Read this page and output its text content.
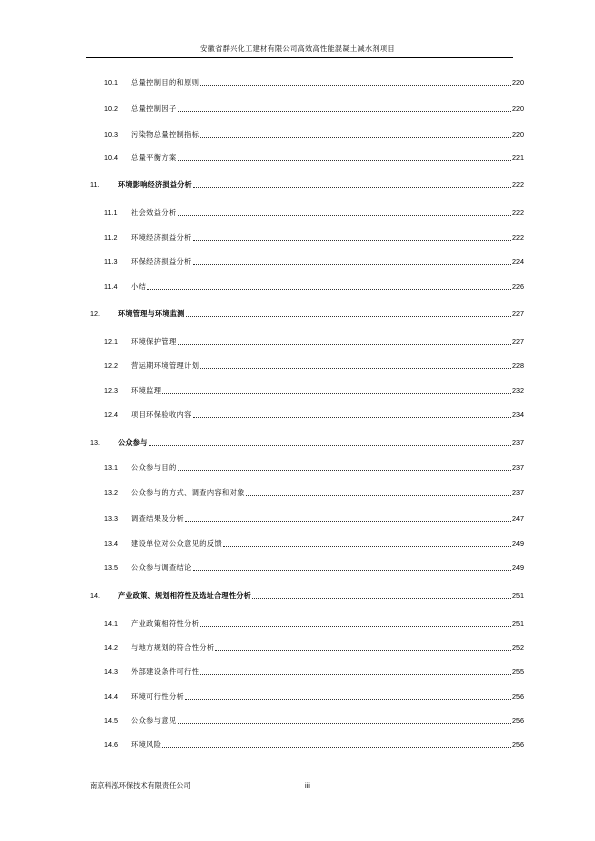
安徽省群兴化工建材有限公司高效高性能混凝土减水剂项目
10.1	总量控制目的和原则	220
10.2	总量控制因子	220
10.3	污染物总量控制指标	220
10.4	总量平衡方案	221
11.	环境影响经济损益分析	222
11.1	社会效益分析	222
11.2	环境经济损益分析	222
11.3	环保经济损益分析	224
11.4	小结	226
12.	环境管理与环境监测	227
12.1	环境保护管理	227
12.2	营运期环境管理计划	228
12.3	环境监理	232
12.4	项目环保验收内容	234
13.	公众参与	237
13.1	公众参与目的	237
13.2	公众参与的方式、调查内容和对象	237
13.3	调查结果及分析	247
13.4	建设单位对公众意见的反馈	249
13.5	公众参与调查结论	249
14.	产业政策、规划相符性及选址合理性分析	251
14.1	产业政策相符性分析	251
14.2	与地方规划的符合性分析	252
14.3	外部建设条件可行性	255
14.4	环境可行性分析	256
14.5	公众参与意见	256
14.6	环境风险	256
南京科泓环保技术有限责任公司	iii
